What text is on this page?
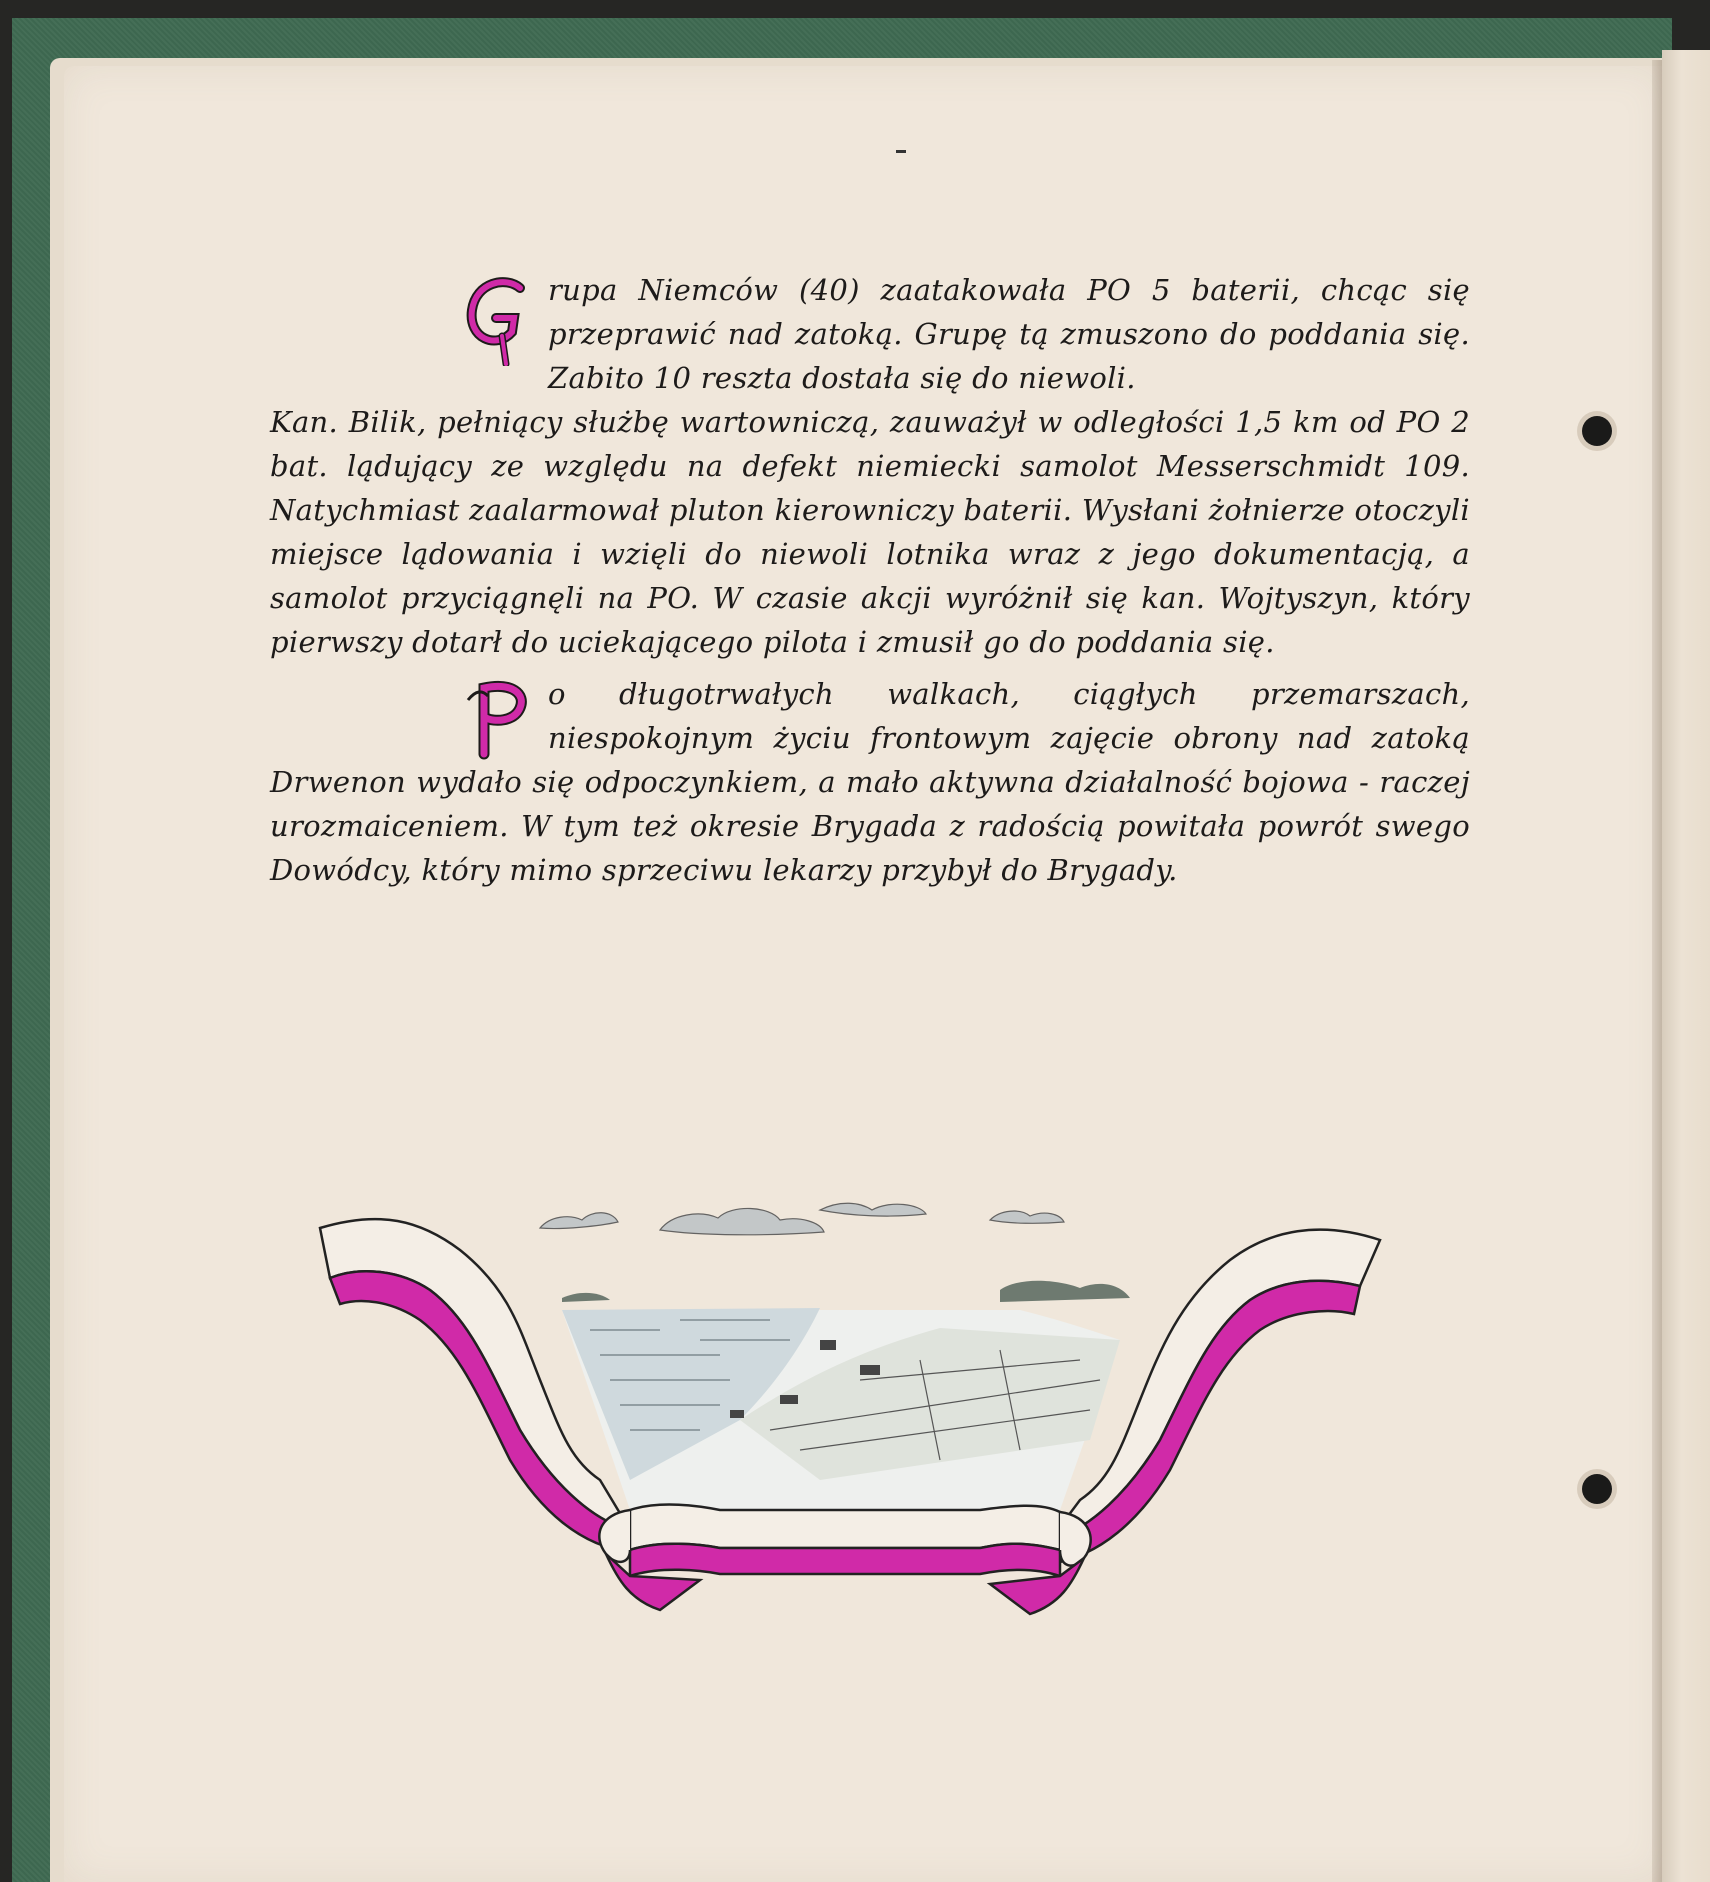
rupa Niemców (40) zaatakowała PO 5 baterii, chcąc się przeprawić nad zatoką. Grupę tą zmuszono do poddania się. Zabito 10 reszta dostała się do niewoli.

Kan. Bilik, pełniący służbę wartowniczą, zauważył w odległości 1,5 km od PO 2 bat. lądujący ze względu na defekt niemiecki samolot Messerschmidt 109. Natychmiast zaalarmował pluton kierowniczy baterii. Wysłani żołnierze otoczyli miejsce lądowania i wzięli do niewoli lotnika wraz z jego dokumentacją, a samolot przyciągnęli na PO. W czasie akcji wyróżnił się kan. Wojtyszyn, który pierwszy dotarł do uciekającego pilota i zmusił go do poddania się.

o długotrwałych walkach, ciągłych przemarszach, niespokojnym życiu frontowym zajęcie obrony nad zatoką Drwenon wydało się odpoczynkiem, a mało aktywna działalność bojowa - raczej urozmaiceniem. W tym też okresie Brygada z radością powitała powrót swego Dowódcy, który mimo sprzeciwu lekarzy przybył do Brygady.
